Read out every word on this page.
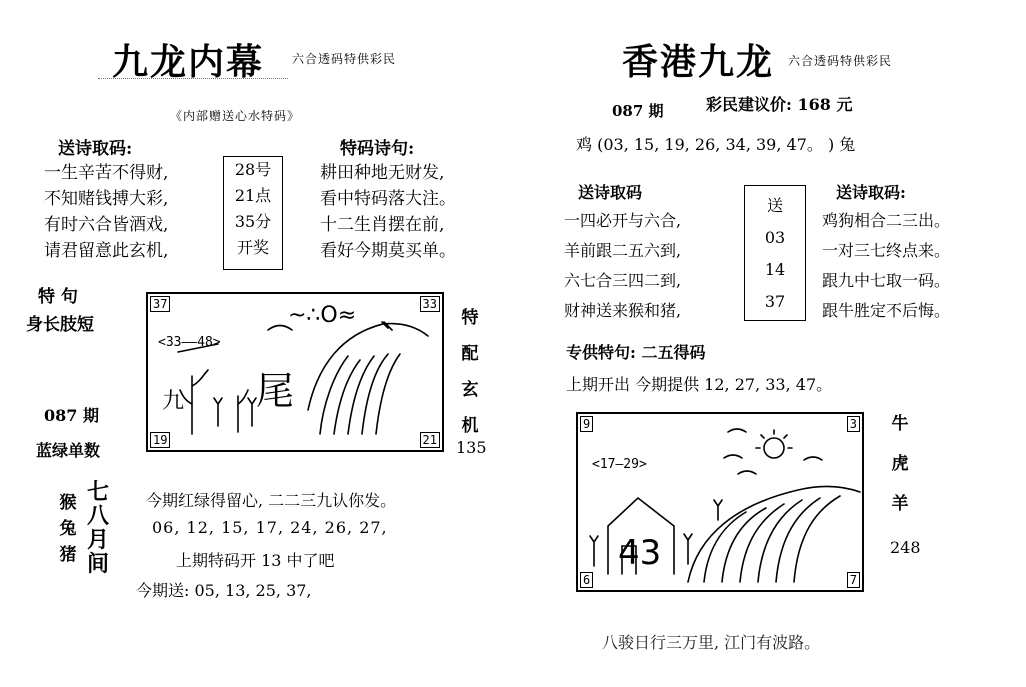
九龙内幕 六合透码特供彩民
《内部赠送心水特码》
送诗取码:
一生辛苦不得财,
不知赌钱搏大彩,
有时六合皆酒戏,
请君留意此玄机,
28号
21点
35分
开奖
特码诗句:
耕田种地无财发,
看中特码落大注。
十二生肖摆在前,
看好今期莫买单。
特 句
身长肢短
087 期
蓝绿单数
<33——48>
九 尾
~∴O≈
37	33
19	21
特
配
玄
机
135
猴
兔
猪
七
八
月
间
今期红绿得留心, 二二三九认你发。
06, 12, 15, 17, 24, 26, 27,
上期特码开 13 中了吧
今期送: 05, 13, 25, 37,
香港九龙 六合透码特供彩民
087 期	彩民建议价: 168 元
鸡 (03, 15, 19, 26, 34, 39, 47。 ) 兔
送诗取码
一四必开与六合,
羊前跟二五六到,
六七合三四二到,
财神送来猴和猪,
送
03
14
37
送诗取码:
鸡狗相合二三出。
一对三七终点来。
跟九中七取一码。
跟牛胜定不后悔。
专供特句: 二五得码
上期开出 今期提供 12, 27, 33, 47。
<17—29>
43
9	3
6	7
牛
虎
羊
248
八骏日行三万里, 江门有波路。
